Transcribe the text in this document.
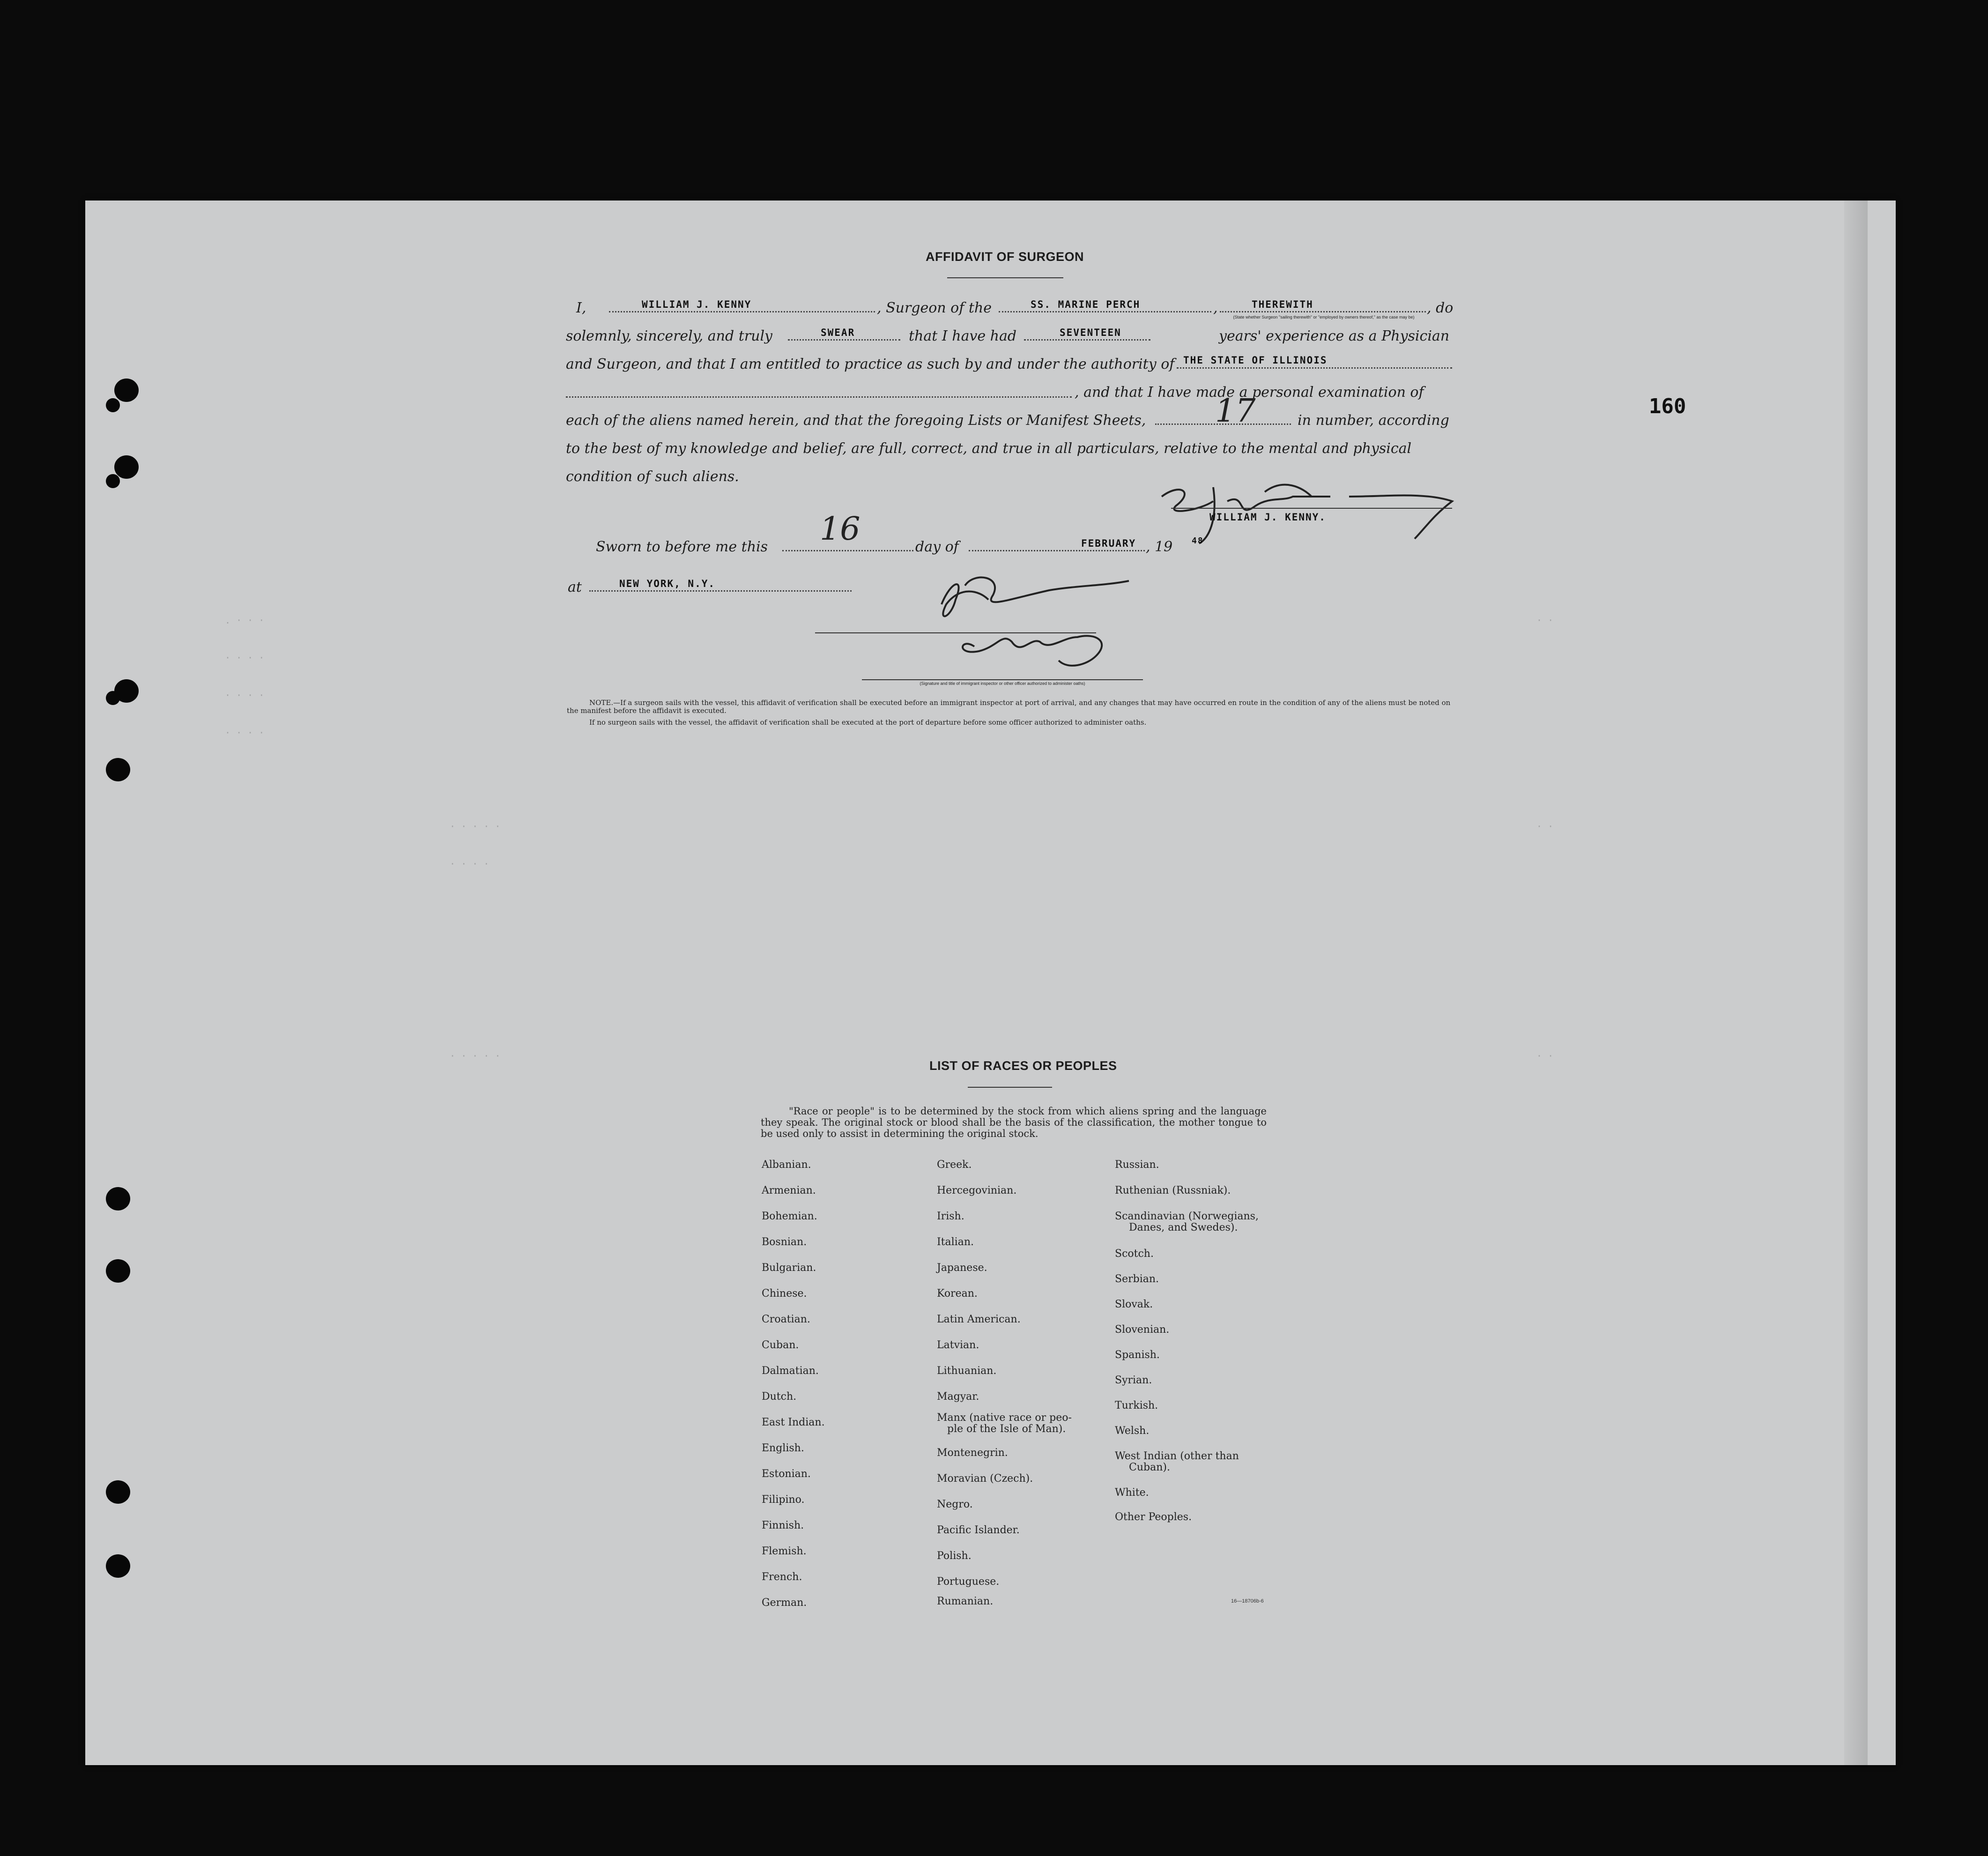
. · · ·
· · · ·
· · · ·
· · · ·
· · · · ·
· · · ·
· · · · ·
· ·
· ·
· ·
160
AFFIDAVIT OF SURGEON
I,	WILLIAM J. KENNY	, Surgeon of the	SS. MARINE PERCH	,	THEREWITH	, do
(State whether Surgeon "sailing therewith" or "employed by owners thereof," as the case may be)
solemnly, sincerely, and truly	SWEAR	that I have had	SEVENTEEN	years' experience as a Physician
and Surgeon, and that I am entitled to practice as such by and under the authority of THE STATE OF ILLINOIS
, and that I have made a personal examination of
each of the aliens named herein, and that the foregoing Lists or Manifest Sheets, 17	in number, according
to the best of my knowledge and belief, are full, correct, and true in all particulars, relative to the mental and physical
condition of such aliens.
WILLIAM J. KENNY.
Sworn to before me this 16	day of	FEBRUARY , 19 48
at	NEW YORK, N.Y.
(Signature and title of immigrant inspector or other officer authorized to administer oaths)
NOTE.—If a surgeon sails with the vessel, this affidavit of verification shall be executed before an immigrant inspector at port of arrival, and any changes that may have occurred en route in the condition of any of the aliens must be noted on the manifest before the affidavit is executed.
If no surgeon sails with the vessel, the affidavit of verification shall be executed at the port of departure before some officer authorized to administer oaths.
LIST OF RACES OR PEOPLES
"Race or people" is to be determined by the stock from which aliens spring and the language they speak. The original stock or blood shall be the basis of the classification, the mother tongue to be used only to assist in determining the original stock.
Albanian.
Armenian.
Bohemian.
Bosnian.
Bulgarian.
Chinese.
Croatian.
Cuban.
Dalmatian.
Dutch.
East Indian.
English.
Estonian.
Filipino.
Finnish.
Flemish.
French.
German.
Greek.
Hercegovinian.
Irish.
Italian.
Japanese.
Korean.
Latin American.
Latvian.
Lithuanian.
Magyar.
Manx (native race or peo-
ple of the Isle of Man).
Montenegrin.
Moravian (Czech).
Negro.
Pacific Islander.
Polish.
Portuguese.
Rumanian.
Russian.
Ruthenian (Russniak).
Scandinavian (Norwegians,
Danes, and Swedes).
Scotch.
Serbian.
Slovak.
Slovenian.
Spanish.
Syrian.
Turkish.
Welsh.
West Indian (other than
Cuban).
White.
Other Peoples.
16—18706b-6
